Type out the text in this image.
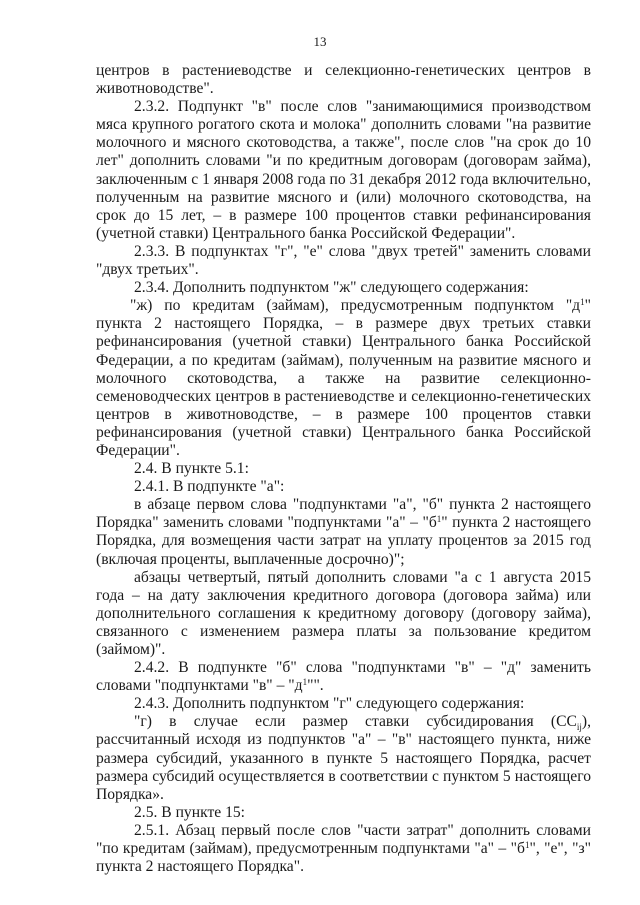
13

центров в растениеводстве и селекционно-генетических центров в животноводстве".

2.3.2. Подпункт "в" после слов "занимающимися производством мяса крупного рогатого скота и молока" дополнить словами "на развитие молочного и мясного скотоводства, а также", после слов "на срок до 10 лет" дополнить словами "и по кредитным договорам (договорам займа), заключенным с 1 января 2008 года по 31 декабря 2012 года включительно, полученным на развитие мясного и (или) молочного скотоводства, на срок до 15 лет, – в размере 100 процентов ставки рефинансирования (учетной ставки) Центрального банка Российской Федерации".

2.3.3. В подпунктах "г", "е" слова "двух третей" заменить словами "двух третьих".

2.3.4. Дополнить подпунктом "ж" следующего содержания:

"ж) по кредитам (займам), предусмотренным подпунктом "$д^1$" пункта 2 настоящего Порядка, – в размере двух третьих ставки рефинансирования (учетной ставки) Центрального банка Российской Федерации, а по кредитам (займам), полученным на развитие мясного и молочного скотоводства, а также на развитие селекционно-семеноводческих центров в растениеводстве и селекционно-генетических центров в животноводстве, – в размере 100 процентов ставки рефинансирования (учетной ставки) Центрального банка Российской Федерации".

2.4. В пункте 5.1:

2.4.1. В подпункте "а":

в абзаце первом слова "подпунктами "а", "б" пункта 2 настоящего Порядка" заменить словами "подпунктами "а" – "$б^1$" пункта 2 настоящего Порядка, для возмещения части затрат на уплату процентов за 2015 год (включая проценты, выплаченные досрочно)";

абзацы четвертый, пятый дополнить словами "а с 1 августа 2015 года – на дату заключения кредитного договора (договора займа) или дополнительного соглашения к кредитному договору (договору займа), связанного с изменением размера платы за пользование кредитом (займом)".

2.4.2. В подпункте "б" слова "подпунктами "в" – "д" заменить словами "подпунктами "в" – "$д^1$"".

2.4.3. Дополнить подпунктом "г" следующего содержания:

"г) в случае если размер ставки субсидирования $(СС_{ij})$, рассчитанный исходя из подпунктов "а" – "в" настоящего пункта, ниже размера субсидий, указанного в пункте 5 настоящего Порядка, расчет размера субсидий осуществляется в соответствии с пунктом 5 настоящего Порядка».

2.5. В пункте 15:

2.5.1. Абзац первый после слов "части затрат" дополнить словами "по кредитам (займам), предусмотренным подпунктами "а" – "$б^1$", "е", "з" пункта 2 настоящего Порядка".
